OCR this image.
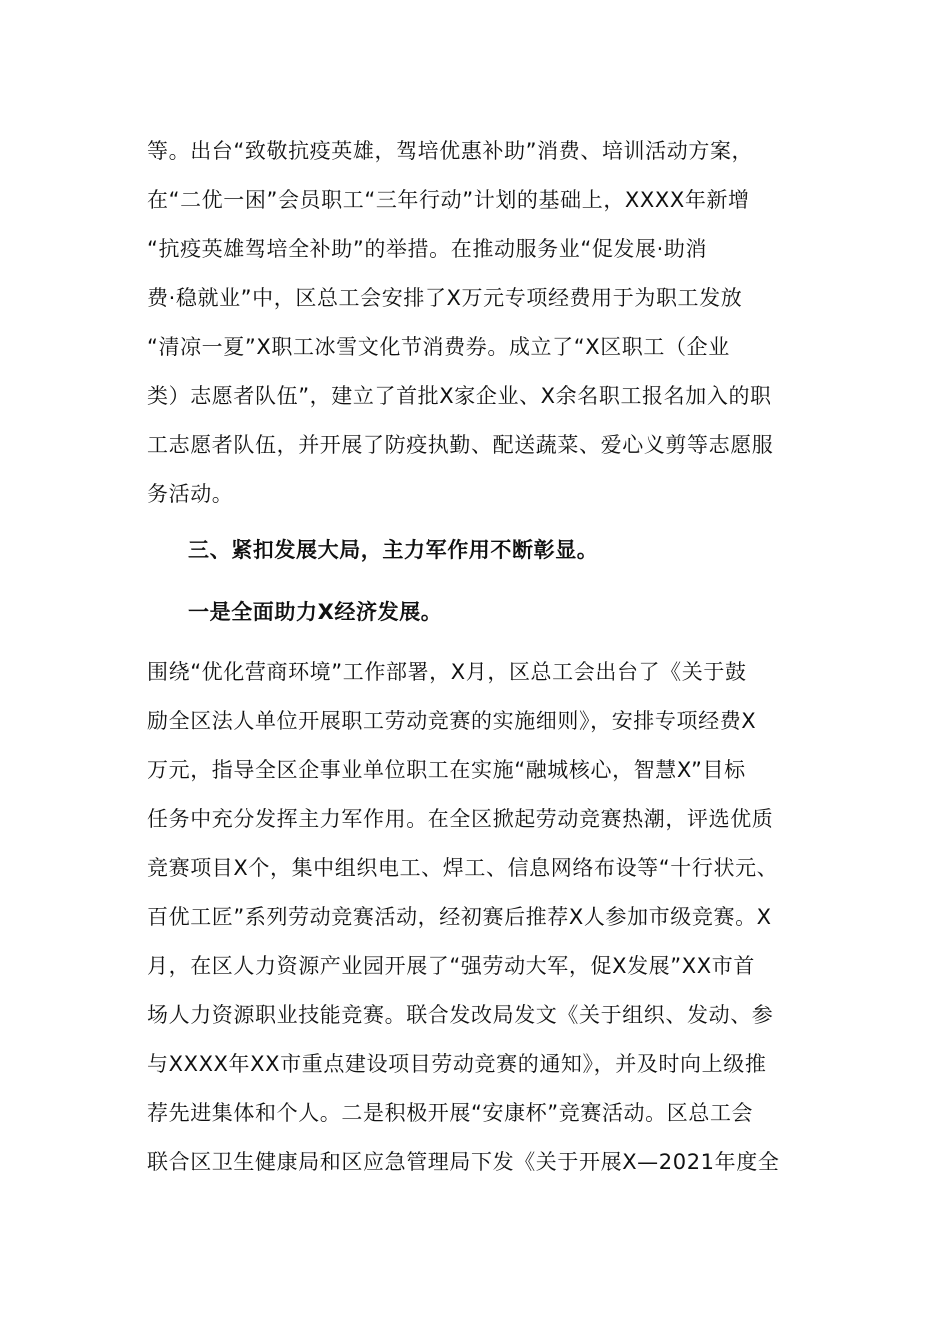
等。出台“致敬抗疫英雄，驾培优惠补助”消费、培训活动方案，
在“二优一困”会员职工“三年行动”计划的基础上，XXXX年新增
“抗疫英雄驾培全补助”的举措。在推动服务业“促发展·助消
费·稳就业”中，区总工会安排了X万元专项经费用于为职工发放
“清凉一夏”X职工冰雪文化节消费券。成立了“X区职工（企业
类）志愿者队伍”，建立了首批X家企业、X余名职工报名加入的职
工志愿者队伍，并开展了防疫执勤、配送蔬菜、爱心义剪等志愿服
务活动。
三、紧扣发展大局，主力军作用不断彰显。
一是全面助力X经济发展。
围绕“优化营商环境”工作部署，X月，区总工会出台了《关于鼓
励全区法人单位开展职工劳动竞赛的实施细则》，安排专项经费X
万元，指导全区企事业单位职工在实施“融城核心，智慧X”目标
任务中充分发挥主力军作用。在全区掀起劳动竞赛热潮，评选优质
竞赛项目X个，集中组织电工、焊工、信息网络布设等“十行状元、
百优工匠”系列劳动竞赛活动，经初赛后推荐X人参加市级竞赛。X
月，在区人力资源产业园开展了“强劳动大军，促X发展”XX市首
场人力资源职业技能竞赛。联合发改局发文《关于组织、发动、参
与XXXX年XX市重点建设项目劳动竞赛的通知》，并及时向上级推
荐先进集体和个人。二是积极开展“安康杯”竞赛活动。区总工会
联合区卫生健康局和区应急管理局下发《关于开展X—2021年度全
